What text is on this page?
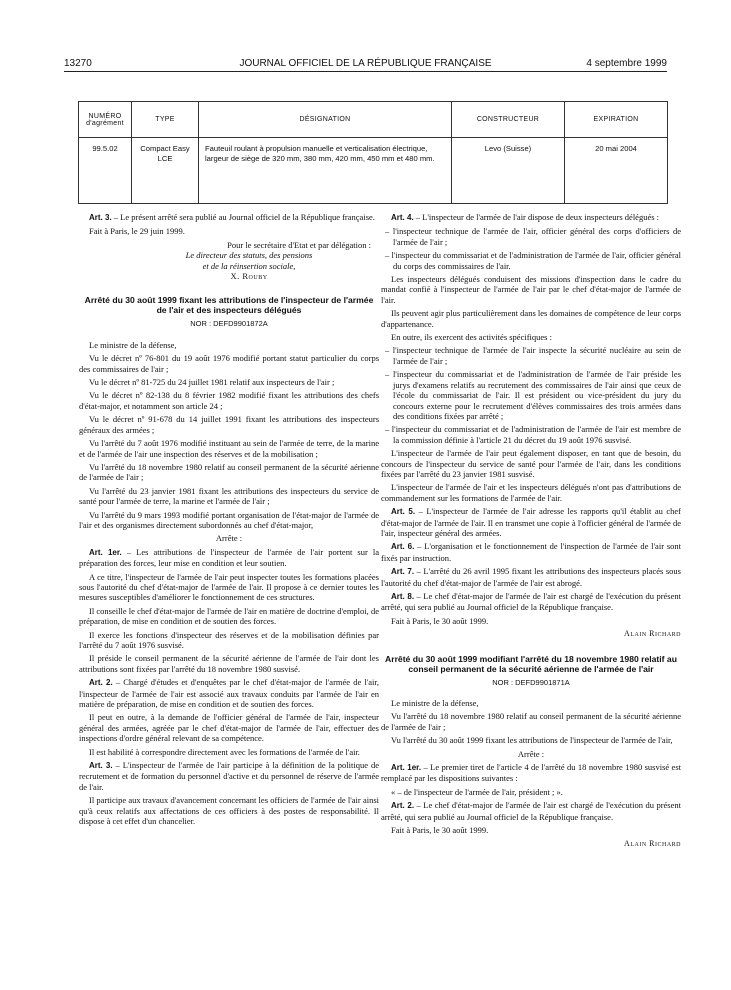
13270	JOURNAL OFFICIEL DE LA RÉPUBLIQUE FRANÇAISE	4 septembre 1999
NUMÉRO d'agrément	TYPE	DÉSIGNATION	CONSTRUCTEUR	EXPIRATION
99.5.02	Compact Easy LCE	Fauteuil roulant à propulsion manuelle et verticalisation électrique, largeur de siège de 320 mm, 380 mm, 420 mm, 450 mm et 480 mm.	Levo (Suisse)	20 mai 2004

Art. 3. – Le présent arrêté sera publié au Journal officiel de la République française.

Fait à Paris, le 29 juin 1999.

Pour le secrétaire d'Etat et par délégation :

Le directeur des statuts, des pensions

et de la réinsertion sociale,

X. Rouby

Arrêté du 30 août 1999 fixant les attributions de l'inspecteur de l'armée de l'air et des inspecteurs délégués

NOR : DEFD9901872A

Le ministre de la défense,

Vu le décret nº 76-801 du 19 août 1976 modifié portant statut particulier du corps des commissaires de l'air ;

Vu le décret nº 81-725 du 24 juillet 1981 relatif aux inspecteurs de l'air ;

Vu le décret nº 82-138 du 8 février 1982 modifié fixant les attributions des chefs d'état-major, et notamment son article 24 ;

Vu le décret nº 91-678 du 14 juillet 1991 fixant les attributions des inspecteurs généraux des armées ;

Vu l'arrêté du 7 août 1976 modifié instituant au sein de l'armée de terre, de la marine et de l'armée de l'air une inspection des réserves et de la mobilisation ;

Vu l'arrêté du 18 novembre 1980 relatif au conseil permanent de la sécurité aérienne de l'armée de l'air ;

Vu l'arrêté du 23 janvier 1981 fixant les attributions des inspecteurs du service de santé pour l'armée de terre, la marine et l'armée de l'air ;

Vu l'arrêté du 9 mars 1993 modifié portant organisation de l'état-major de l'armée de l'air et des organismes directement subordonnés au chef d'état-major,

Arrête :

Art. 1er. – Les attributions de l'inspecteur de l'armée de l'air portent sur la préparation des forces, leur mise en condition et leur soutien.

A ce titre, l'inspecteur de l'armée de l'air peut inspecter toutes les formations placées sous l'autorité du chef d'état-major de l'armée de l'air. Il propose à ce dernier toutes les mesures susceptibles d'améliorer le fonctionnement de ces structures.

Il conseille le chef d'état-major de l'armée de l'air en matière de doctrine d'emploi, de préparation, de mise en condition et de soutien des forces.

Il exerce les fonctions d'inspecteur des réserves et de la mobilisation définies par l'arrêté du 7 août 1976 susvisé.

Il préside le conseil permanent de la sécurité aérienne de l'armée de l'air dont les attributions sont fixées par l'arrêté du 18 novembre 1980 susvisé.

Art. 2. – Chargé d'études et d'enquêtes par le chef d'état-major de l'armée de l'air, l'inspecteur de l'armée de l'air est associé aux travaux conduits par l'armée de l'air en matière de préparation, de mise en condition et de soutien des forces.

Il peut en outre, à la demande de l'officier général de l'armée de l'air, inspecteur général des armées, agréée par le chef d'état-major de l'armée de l'air, effectuer des inspections d'ordre général relevant de sa compétence.

Il est habilité à correspondre directement avec les formations de l'armée de l'air.

Art. 3. – L'inspecteur de l'armée de l'air participe à la définition de la politique de recrutement et de formation du personnel d'active et du personnel de réserve de l'armée de l'air.

Il participe aux travaux d'avancement concernant les officiers de l'armée de l'air ainsi qu'à ceux relatifs aux affectations de ces officiers à des postes de responsabilité. Il dispose à cet effet d'un chancelier.

Art. 4. – L'inspecteur de l'armée de l'air dispose de deux inspecteurs délégués :

– l'inspecteur technique de l'armée de l'air, officier général des corps d'officiers de l'armée de l'air ;

– l'inspecteur du commissariat et de l'administration de l'armée de l'air, officier général du corps des commissaires de l'air.

Les inspecteurs délégués conduisent des missions d'inspection dans le cadre du mandat confié à l'inspecteur de l'armée de l'air par le chef d'état-major de l'armée de l'air.

Ils peuvent agir plus particulièrement dans les domaines de compétence de leur corps d'appartenance.

En outre, ils exercent des activités spécifiques :

– l'inspecteur technique de l'armée de l'air inspecte la sécurité nucléaire au sein de l'armée de l'air ;

– l'inspecteur du commissariat et de l'administration de l'armée de l'air préside les jurys d'examens relatifs au recrutement des commissaires de l'air ainsi que ceux de l'école du commissariat de l'air. Il est président ou vice-président du jury du concours externe pour le recrutement d'élèves commissaires des trois armées dans des conditions fixées par arrêté ;

– l'inspecteur du commissariat et de l'administration de l'armée de l'air est membre de la commission définie à l'article 21 du décret du 19 août 1976 susvisé.

L'inspecteur de l'armée de l'air peut également disposer, en tant que de besoin, du concours de l'inspecteur du service de santé pour l'armée de l'air, dans les conditions fixées par l'arrêté du 23 janvier 1981 susvisé.

L'inspecteur de l'armée de l'air et les inspecteurs délégués n'ont pas d'attributions de commandement sur les formations de l'armée de l'air.

Art. 5. – L'inspecteur de l'armée de l'air adresse les rapports qu'il établit au chef d'état-major de l'armée de l'air. Il en transmet une copie à l'officier général de l'armée de l'air, inspecteur général des armées.

Art. 6. – L'organisation et le fonctionnement de l'inspection de l'armée de l'air sont fixés par instruction.

Art. 7. – L'arrêté du 26 avril 1995 fixant les attributions des inspecteurs placés sous l'autorité du chef d'état-major de l'armée de l'air est abrogé.

Art. 8. – Le chef d'état-major de l'armée de l'air est chargé de l'exécution du présent arrêté, qui sera publié au Journal officiel de la République française.

Fait à Paris, le 30 août 1999.

Alain Richard

Arrêté du 30 août 1999 modifiant l'arrêté du 18 novembre 1980 relatif au conseil permanent de la sécurité aérienne de l'armée de l'air

NOR : DEFD9901871A

Le ministre de la défense,

Vu l'arrêté du 18 novembre 1980 relatif au conseil permanent de la sécurité aérienne de l'armée de l'air ;

Vu l'arrêté du 30 août 1999 fixant les attributions de l'inspecteur de l'armée de l'air,

Arrête :

Art. 1er. – Le premier tiret de l'article 4 de l'arrêté du 18 novembre 1980 susvisé est remplacé par les dispositions suivantes :

« – de l'inspecteur de l'armée de l'air, président ; ».

Art. 2. – Le chef d'état-major de l'armée de l'air est chargé de l'exécution du présent arrêté, qui sera publié au Journal officiel de la République française.

Fait à Paris, le 30 août 1999.

Alain Richard
